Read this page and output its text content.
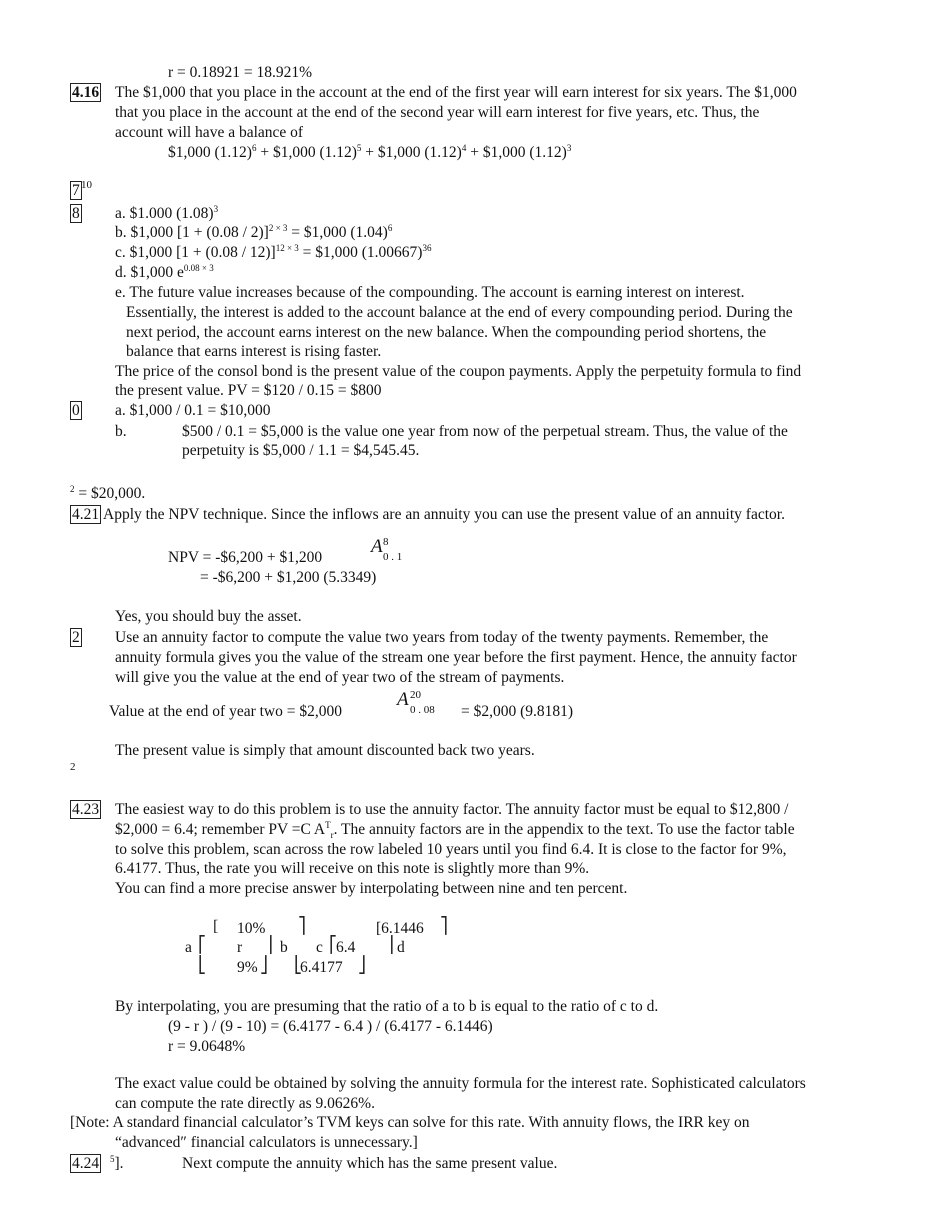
r = 0.18921 = 18.921%
4.16 The $1,000 that you place in the account at the end of the first year will earn interest for six years. The $1,000
that you place in the account at the end of the second year will earn interest for five years, etc. Thus, the
account will have a balance of
$1,000 $(1.12)^6$ + $1,000 $(1.12)^5$ + $1,000 $(1.12)^4$ + $1,000 $(1.12)^3$
7 10
8 a. $1.000 $(1.08)^3$
b. $1,000 $[1 + (0.08 / 2)]^{2 \times 3}$ = $1,000 $(1.04)^6$
c. $1,000 $[1 + (0.08 / 12)]^{12 \times 3}$ = $1,000 $(1.00667)^{36}$
d. $1,000 $e^{0.08 \times 3}$
e. The future value increases because of the compounding. The account is earning interest on interest.
Essentially, the interest is added to the account balance at the end of every compounding period. During the
next period, the account earns interest on the new balance. When the compounding period shortens, the
balance that earns interest is rising faster.
The price of the consol bond is the present value of the coupon payments. Apply the perpetuity formula to find
the present value. PV = $120 / 0.15 = $800
0 a. $1,000 / 0.1 = $10,000
b.	$500 / 0.1 = $5,000 is the value one year from now of the perpetual stream. Thus, the value of the
perpetuity is $5,000 / 1.1 = $4,545.45.
$^2$ = $20,000.
4.21 Apply the NPV technique. Since the inflows are an annuity you can use the present value of an annuity factor.
NPV = -$6,200 + $1,200
A 8
0 . 1
= -$6,200 + $1,200 (5.3349)
Yes, you should buy the asset.
2 Use an annuity factor to compute the value two years from today of the twenty payments. Remember, the
annuity formula gives you the value of the stream one year before the first payment. Hence, the annuity factor
will give you the value at the end of year two of the stream of payments.
Value at the end of year two = $2,000
A 20
0 . 08 = $2,000 (9.8181)
The present value is simply that amount discounted back two years.
2
4.23 The easiest way to do this problem is to use the annuity factor. The annuity factor must be equal to $12,800 /
$2,000 = 6.4; remember PV =C $A^T_r$. The annuity factors are in the appendix to the text. To use the factor table
to solve this problem, scan across the row labeled 10 years until you find 6.4. It is close to the factor for 9%,
6.4177. Thus, the rate you will receive on this note is slightly more than 9%.
You can find a more precise answer by interpolating between nine and ten percent.
[ 10% ⎤	[6.1446 ⎤
a ⎡ r ⎥ b c ⎡ 6.4 ⎥ d
⎣ 9% ⎦ ⎣
6.4177 ⎦
By interpolating, you are presuming that the ratio of a to b is equal to the ratio of c to d.
(9 - r ) / (9 - 10) = (6.4177 - 6.4 ) / (6.4177 - 6.1446)
r = 9.0648%
The exact value could be obtained by solving the annuity formula for the interest rate. Sophisticated calculators
can compute the rate directly as 9.0626%.
[Note: A standard financial calculator’s TVM keys can solve for this rate. With annuity flows, the IRR key on
“advanced″ financial calculators is unnecessary.]
4.24 $^5$].	Next compute the annuity which has the same present value.
